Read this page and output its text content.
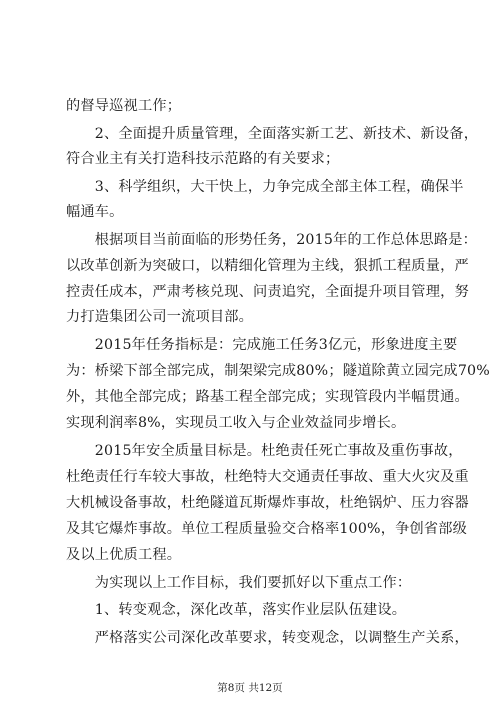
的督导巡视工作；
　　2、全面提升质量管理，全面落实新工艺、新技术、新设备，
符合业主有关打造科技示范路的有关要求；
　　3、科学组织，大干快上，力争完成全部主体工程，确保半
幅通车。
　　根据项目当前面临的形势任务，2015年的工作总体思路是：
以改革创新为突破口，以精细化管理为主线，狠抓工程质量，严
控责任成本，严肃考核兑现、问责追究，全面提升项目管理，努
力打造集团公司一流项目部。
　　2015年任务指标是：完成施工任务3亿元，形象进度主要
为：桥梁下部全部完成，制架梁完成80%；隧道除黄立园完成70%
外，其他全部完成；路基工程全部完成；实现管段内半幅贯通。
实现利润率8%，实现员工收入与企业效益同步增长。
　　2015年安全质量目标是。杜绝责任死亡事故及重伤事故，
杜绝责任行车较大事故，杜绝特大交通责任事故、重大火灾及重
大机械设备事故，杜绝隧道瓦斯爆炸事故，杜绝锅炉、压力容器
及其它爆炸事故。单位工程质量验交合格率100%，争创省部级
及以上优质工程。
　　为实现以上工作目标，我们要抓好以下重点工作：
　　1、转变观念，深化改革，落实作业层队伍建设。
　　严格落实公司深化改革要求，转变观念，以调整生产关系，
第8页 共12页
